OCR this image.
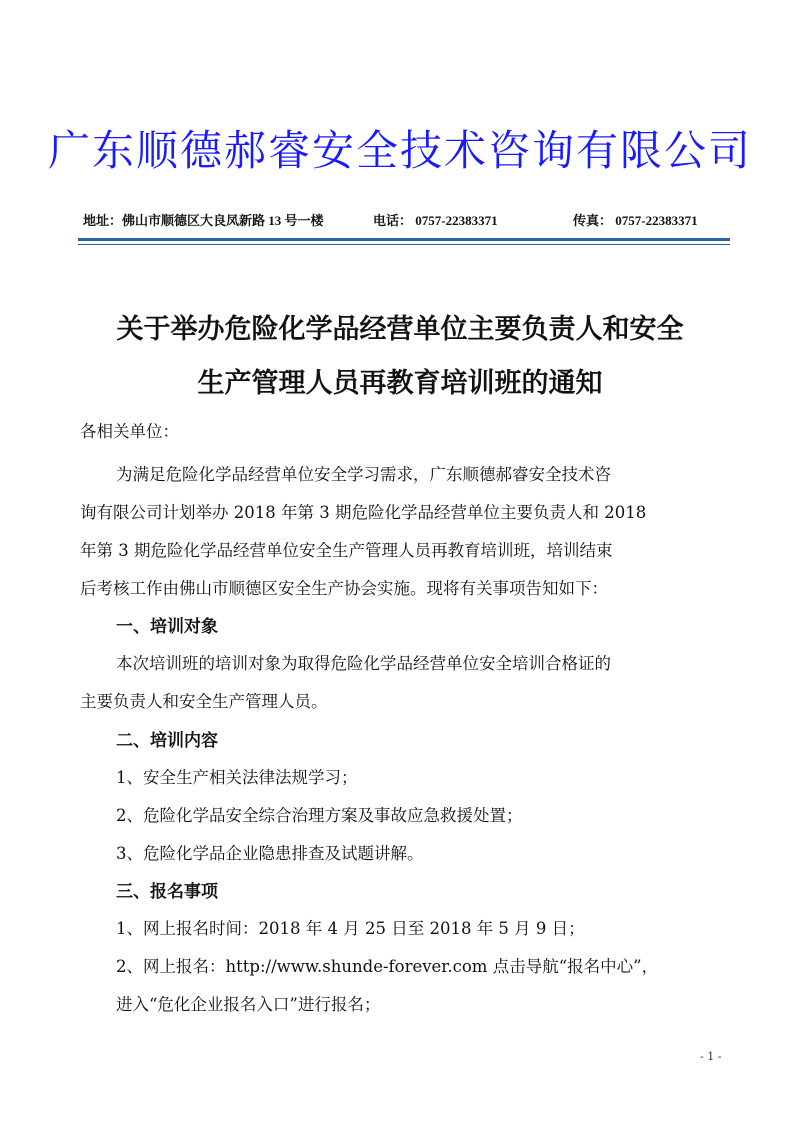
广东顺德郝睿安全技术咨询有限公司
地址：佛山市顺德区大良凤新路 13 号一楼	电话： 0757-22383371	传真： 0757-22383371
关于举办危险化学品经营单位主要负责人和安全
生产管理人员再教育培训班的通知
各相关单位：
为满足危险化学品经营单位安全学习需求，广东顺德郝睿安全技术咨
询有限公司计划举办 2018 年第 3 期危险化学品经营单位主要负责人和 2018
年第 3 期危险化学品经营单位安全生产管理人员再教育培训班，培训结束
后考核工作由佛山市顺德区安全生产协会实施。现将有关事项告知如下：
一、培训对象
本次培训班的培训对象为取得危险化学品经营单位安全培训合格证的
主要负责人和安全生产管理人员。
二、培训内容
1、安全生产相关法律法规学习；
2、危险化学品安全综合治理方案及事故应急救援处置；
3、危险化学品企业隐患排查及试题讲解。
三、报名事项
1、网上报名时间：2018 年 4 月 25 日至 2018 年 5 月 9 日；
2、网上报名：http://www.shunde-forever.com 点击导航“报名中心”，
进入“危化企业报名入口”进行报名；
- 1 -
